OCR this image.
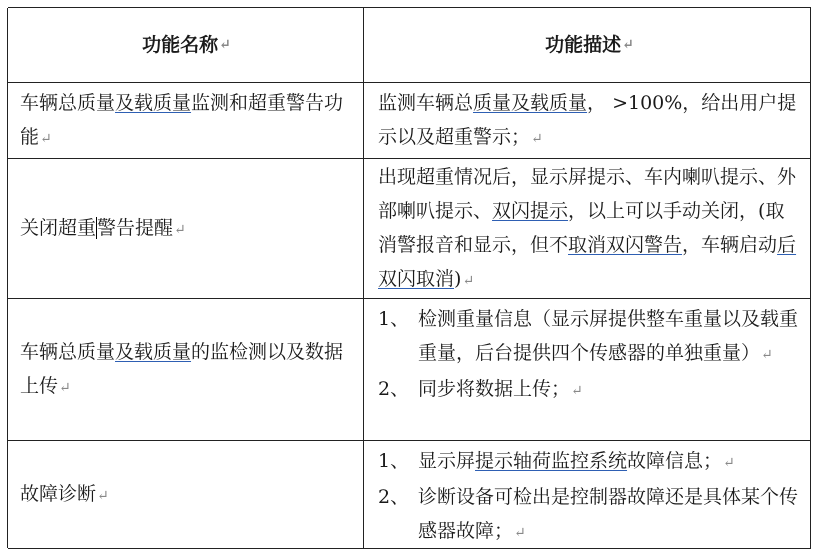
功能名称 ↵	功能描述 ↵
车辆总质量及载质量监测和超重警告功能↵
监测车辆总质量及载质量， >100%，给出用户提示以及超重警示；↵
关闭超重警告提醒↵
出现超重情况后，显示屏提示、车内喇叭提示、外部喇叭提示、双闪提示，以上可以手动关闭，(取消警报音和显示，但不取消双闪警告，车辆启动后双闪取消)↵
车辆总质量及载质量的监检测以及数据上传↵
1、 检测重量信息（显示屏提供整车重量以及载重重量，后台提供四个传感器的单独重量）↵
2、 同步将数据上传；↵
故障诊断↵
1、 显示屏提示轴荷监控系统故障信息；↵
2、 诊断设备可检出是控制器故障还是具体某个传感器故障；↵
